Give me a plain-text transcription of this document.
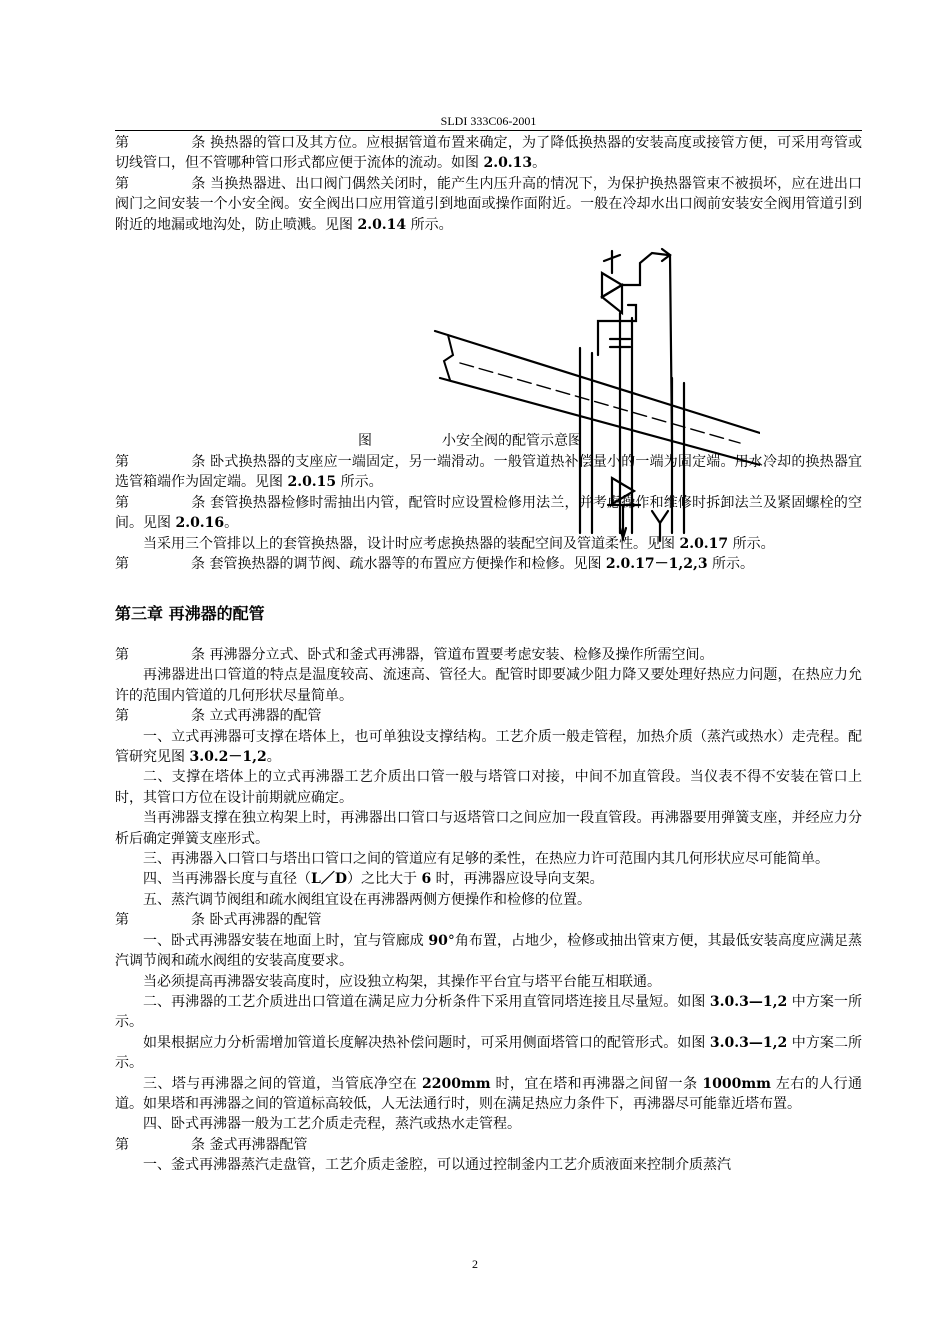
SLDI 333C06-2001

第	条 换热器的管口及其方位。应根据管道布置来确定，为了降低换热器的安装高度或接管方便，可采用弯管或切线管口，但不管哪种管口形式都应便于流体的流动。如图 2.0.13。

第	条 当换热器进、出口阀门偶然关闭时，能产生内压升高的情况下，为保护换热器管束不被损坏，应在进出口阀门之间安装一个小安全阀。安全阀出口应用管道引到地面或操作面附近。一般在冷却水出口阀前安装安全阀用管道引到附近的地漏或地沟处，防止喷溅。见图 2.0.14 所示。

图	小安全阀的配管示意图

第	条 卧式换热器的支座应一端固定，另一端滑动。一般管道热补偿量小的一端为固定端。用水冷却的换热器宜选管箱端作为固定端。见图 2.0.15 所示。

第	条 套管换热器检修时需抽出内管，配管时应设置检修用法兰，并考虑操作和维修时拆卸法兰及紧固螺栓的空间。见图 2.0.16。

当采用三个管排以上的套管换热器，设计时应考虑换热器的装配空间及管道柔性。见图 2.0.17 所示。

第	条 套管换热器的调节阀、疏水器等的布置应方便操作和检修。见图 2.0.17－1,2,3 所示。

第三章 再沸器的配管

第	条 再沸器分立式、卧式和釜式再沸器，管道布置要考虑安装、检修及操作所需空间。

再沸器进出口管道的特点是温度较高、流速高、管径大。配管时即要减少阻力降又要处理好热应力问题，在热应力允许的范围内管道的几何形状尽量简单。

第	条 立式再沸器的配管

一、立式再沸器可支撑在塔体上，也可单独设支撑结构。工艺介质一般走管程，加热介质（蒸汽或热水）走壳程。配管研究见图 3.0.2－1,2。

二、支撑在塔体上的立式再沸器工艺介质出口管一般与塔管口对接，中间不加直管段。当仪表不得不安装在管口上时，其管口方位在设计前期就应确定。

当再沸器支撑在独立构架上时，再沸器出口管口与返塔管口之间应加一段直管段。再沸器要用弹簧支座，并经应力分析后确定弹簧支座形式。

三、再沸器入口管口与塔出口管口之间的管道应有足够的柔性，在热应力许可范围内其几何形状应尽可能简单。

四、当再沸器长度与直径（L／D）之比大于 6 时，再沸器应设导向支架。

五、蒸汽调节阀组和疏水阀组宜设在再沸器两侧方便操作和检修的位置。

第	条 卧式再沸器的配管

一、卧式再沸器安装在地面上时，宜与管廊成 90°角布置，占地少，检修或抽出管束方便，其最低安装高度应满足蒸汽调节阀和疏水阀组的安装高度要求。

当必须提高再沸器安装高度时，应设独立构架，其操作平台宜与塔平台能互相联通。

二、再沸器的工艺介质进出口管道在满足应力分析条件下采用直管同塔连接且尽量短。如图 3.0.3—1,2 中方案一所示。

如果根据应力分析需增加管道长度解决热补偿问题时，可采用侧面塔管口的配管形式。如图 3.0.3—1,2 中方案二所示。

三、塔与再沸器之间的管道，当管底净空在 2200mm 时，宜在塔和再沸器之间留一条 1000mm 左右的人行通道。如果塔和再沸器之间的管道标高较低，人无法通行时，则在满足热应力条件下，再沸器尽可能靠近塔布置。

四、卧式再沸器一般为工艺介质走壳程，蒸汽或热水走管程。

第	条 釜式再沸器配管

一、釜式再沸器蒸汽走盘管，工艺介质走釜腔，可以通过控制釜内工艺介质液面来控制介质蒸汽

2
